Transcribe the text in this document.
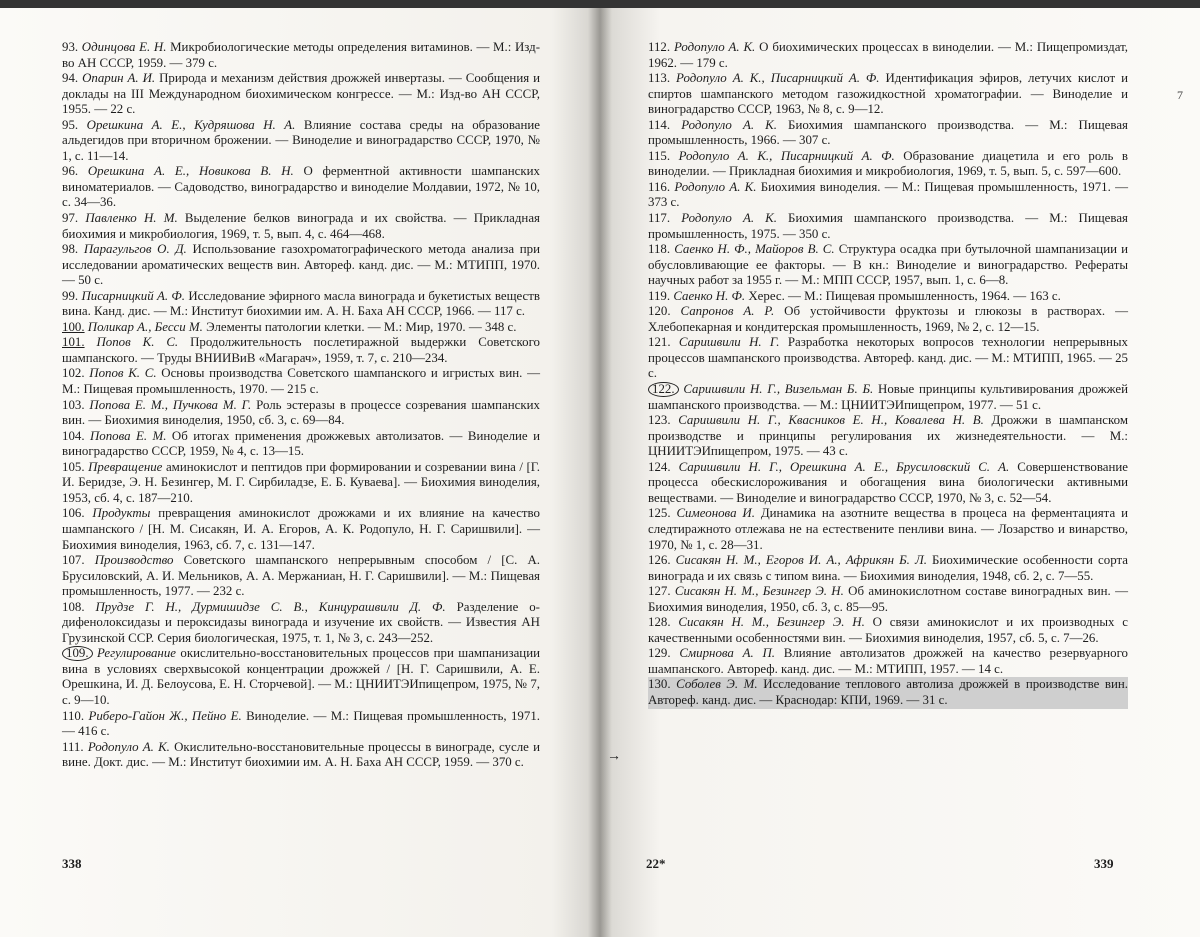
93. Одинцова Е. Н. Микробиологические методы определения витаминов. — М.: Изд-во АН СССР, 1959. — 379 с.

94. Опарин А. И. Природа и механизм действия дрожжей инвертазы. — Сообщения и доклады на III Международном биохимическом конгрессе. — М.: Изд-во АН СССР, 1955. — 22 с.

95. Орешкина А. Е., Кудряшова Н. А. Влияние состава среды на образование альдегидов при вторичном брожении. — Виноделие и виноградарство СССР, 1970, № 1, с. 11—14.

96. Орешкина А. Е., Новикова В. Н. О ферментной активности шампанских виноматериалов. — Садоводство, виноградарство и виноделие Молдавии, 1972, № 10, с. 34—36.

97. Павленко Н. М. Выделение белков винограда и их свойства. — Прикладная биохимия и микробиология, 1969, т. 5, вып. 4, с. 464—468.

98. Парагульгов О. Д. Использование газохроматографического метода анализа при исследовании ароматических веществ вин. Автореф. канд. дис. — М.: МТИПП, 1970. — 50 с.

99. Писарницкий А. Ф. Исследование эфирного масла винограда и букетистых веществ вина. Канд. дис. — М.: Институт биохимии им. А. Н. Баха АН СССР, 1966. — 117 с.

100. Поликар А., Бесси М. Элементы патологии клетки. — М.: Мир, 1970. — 348 с.

101. Попов К. С. Продолжительность послетиражной выдержки Советского шампанского. — Труды ВНИИВиВ «Магарач», 1959, т. 7, с. 210—234.

102. Попов К. С. Основы производства Советского шампанского и игристых вин. — М.: Пищевая промышленность, 1970. — 215 с.

103. Попова Е. М., Пучкова М. Г. Роль эстеразы в процессе созревания шампанских вин. — Биохимия виноделия, 1950, сб. 3, с. 69—84.

104. Попова Е. М. Об итогах применения дрожжевых автолизатов. — Виноделие и виноградарство СССР, 1959, № 4, с. 13—15.

105. Превращение аминокислот и пептидов при формировании и созревании вина / [Г. И. Беридзе, Э. Н. Безингер, М. Г. Сирбиладзе, Е. Б. Куваева]. — Биохимия виноделия, 1953, сб. 4, с. 187—210.

106. Продукты превращения аминокислот дрожжами и их влияние на качество шампанского / [Н. М. Сисакян, И. А. Егоров, А. К. Родопуло, Н. Г. Саришвили]. — Биохимия виноделия, 1963, сб. 7, с. 131—147.

107. Производство Советского шампанского непрерывным способом / [С. А. Брусиловский, А. И. Мельников, А. А. Мержаниан, Н. Г. Саришвили]. — М.: Пищевая промышленность, 1977. — 232 с.

108. Прудзе Г. Н., Дурмишидзе С. В., Кинцурашвили Д. Ф. Разделение о-дифенолоксидазы и пероксидазы винограда и изучение их свойств. — Известия АН Грузинской ССР. Серия биологическая, 1975, т. 1, № 3, с. 243—252.

109. Регулирование окислительно-восстановительных процессов при шампанизации вина в условиях сверхвысокой концентрации дрожжей / [Н. Г. Саришвили, А. Е. Орешкина, И. Д. Белоусова, Е. Н. Сторчевой]. — М.: ЦНИИТЭИпищепром, 1975, № 7, с. 9—10.

110. Риберо-Гайон Ж., Пейно Е. Виноделие. — М.: Пищевая промышленность, 1971. — 416 с.

111. Родопуло А. К. Окислительно-восстановительные процессы в винограде, сусле и вине. Докт. дис. — М.: Институт биохимии им. А. Н. Баха АН СССР, 1959. — 370 с.

112. Родопуло А. К. О биохимических процессах в виноделии. — М.: Пищепромиздат, 1962. — 179 с.

113. Родопуло А. К., Писарницкий А. Ф. Идентификация эфиров, летучих кислот и спиртов шампанского методом газожидкостной хроматографии. — Виноделие и виноградарство СССР, 1963, № 8, с. 9—12.

114. Родопуло А. К. Биохимия шампанского производства. — М.: Пищевая промышленность, 1966. — 307 с.

115. Родопуло А. К., Писарницкий А. Ф. Образование диацетила и его роль в виноделии. — Прикладная биохимия и микробиология, 1969, т. 5, вып. 5, с. 597—600.

116. Родопуло А. К. Биохимия виноделия. — М.: Пищевая промышленность, 1971. — 373 с.

117. Родопуло А. К. Биохимия шампанского производства. — М.: Пищевая промышленность, 1975. — 350 с.

118. Саенко Н. Ф., Майоров В. С. Структура осадка при бутылочной шампанизации и обусловливающие ее факторы. — В кн.: Виноделие и виноградарство. Рефераты научных работ за 1955 г. — М.: МПП СССР, 1957, вып. 1, с. 6—8.

119. Саенко Н. Ф. Херес. — М.: Пищевая промышленность, 1964. — 163 с.

120. Сапронов А. Р. Об устойчивости фруктозы и глюкозы в растворах. — Хлебопекарная и кондитерская промышленность, 1969, № 2, с. 12—15.

121. Саришвили Н. Г. Разработка некоторых вопросов технологии непрерывных процессов шампанского производства. Автореф. канд. дис. — М.: МТИПП, 1965. — 25 с.

122. Саришвили Н. Г., Визельман Б. Б. Новые принципы культивирования дрожжей шампанского производства. — М.: ЦНИИТЭИпищепром, 1977. — 51 с.

123. Саришвили Н. Г., Квасников Е. Н., Ковалева Н. В. Дрожжи в шампанском производстве и принципы регулирования их жизнедеятельности. — М.: ЦНИИТЭИпищепром, 1975. — 43 с.

124. Саришвили Н. Г., Орешкина А. Е., Брусиловский С. А. Совершенствование процесса обескислороживания и обогащения вина биологически активными веществами. — Виноделие и виноградарство СССР, 1970, № 3, с. 52—54.

125. Симеонова И. Динамика на азотните вещества в процеса на ферментацията и следтиражното отлежава не на естествените пенливи вина. — Лозарство и винарство, 1970, № 1, с. 28—31.

126. Сисакян Н. М., Егоров И. А., Африкян Б. Л. Биохимические особенности сорта винограда и их связь с типом вина. — Биохимия виноделия, 1948, сб. 2, с. 7—55.

127. Сисакян Н. М., Безингер Э. Н. Об аминокислотном составе виноградных вин. — Биохимия виноделия, 1950, сб. 3, с. 85—95.

128. Сисакян Н. М., Безингер Э. Н. О связи аминокислот и их производных с качественными особенностями вин. — Биохимия виноделия, 1957, сб. 5, с. 7—26.

129. Смирнова А. П. Влияние автолизатов дрожжей на качество резервуарного шампанского. Автореф. канд. дис. — М.: МТИПП, 1957. — 14 с.

130. Соболев Э. М. Исследование теплового автолиза дрожжей в производстве вин. Автореф. канд. дис. — Краснодар: КПИ, 1969. — 31 с.

338	22*	339
→
7
